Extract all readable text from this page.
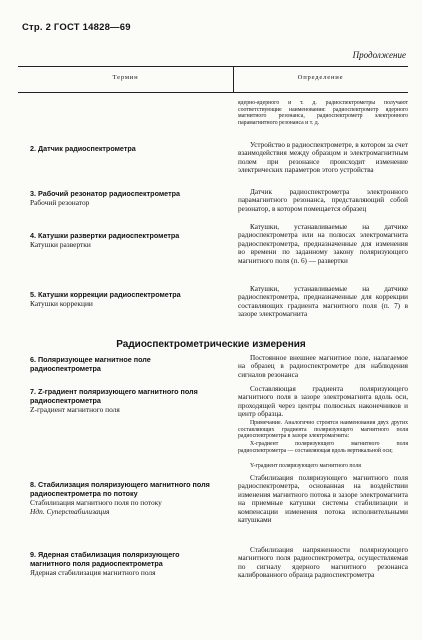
Стр. 2 ГОСТ 14828—69
Продолжение
Термин	Определение
ядерно-ядерного и т. д. радиоспектрометры получают соответствующие наименования: радиоспектрометр ядерного магнитного резонанса, радиоспектрометр электронного парамагнитного резонанса и т. д.
2. Датчик радиоспектрометра	Устройство в радиоспектрометре, в котором за счет взаимодействия между образцом и электромагнитным полем при резонансе происходит изменение электрических параметров этого устройства
3. Рабочий резонатор радиоспектрометра
Рабочий резонатор
Датчик радиоспектрометра электронного парамагнитного резонанса, представляющий собой резонатор, в котором помещается образец
4. Катушки развертки радиоспектрометра
Катушки развертки
Катушки, устанавливаемые на датчике радиоспектрометра или на полюсах электромагнита радиоспектрометра, предназначенные для изменения во времени по заданному закону поляризующего магнитного поля (п. 6) — развертки
5. Катушки коррекции радиоспектрометра
Катушки коррекции
Катушки, устанавливаемые на датчике радиоспектрометра, предназначенные для коррекции составляющих градиента магнитного поля (п. 7) в зазоре электромагнита
Радиоспектрометрические измерения
6. Поляризующее магнитное поле радиоспектрометра
Постоянное внешнее магнитное поле, налагаемое на образец в радиоспектрометре для наблюдения сигналов резонанса
7. Z-градиент поляризующего магнитного поля радиоспектрометра
Z-градиент магнитного поля
Составляющая градиента поляризующего магнитного поля в зазоре электромагнита вдоль оси, проходящей через центры полюсных наконечников и центр образца.
Примечание. Аналогично строятся наименования двух других составляющих градиента поляризующего магнитного поля радиоспектрометра в зазоре электромагнита:
X-градиент поляризующего магнитного поля радиоспектрометра — составляющая вдоль вертикальной оси;
Y-градиент поляризующего магнитного поля
8. Стабилизация поляризующего магнитного поля радиоспектрометра по потоку
Стабилизация магнитного поля по потоку
Ндп. Суперстабилизация
Стабилизация поляризующего магнитного поля радиоспектрометра, основанная на воздействии изменения магнитного потока в зазоре электромагнита на приемные катушки системы стабилизации и компенсации изменения потока исполнительными катушками
9. Ядерная стабилизация поляризующего магнитного поля радиоспектрометра
Ядерная стабилизация магнитного поля
Стабилизация напряженности поляризующего магнитного поля радиоспектрометра, осуществляемая по сигналу ядерного магнитного резонанса калиброванного образца радиоспектрометра
